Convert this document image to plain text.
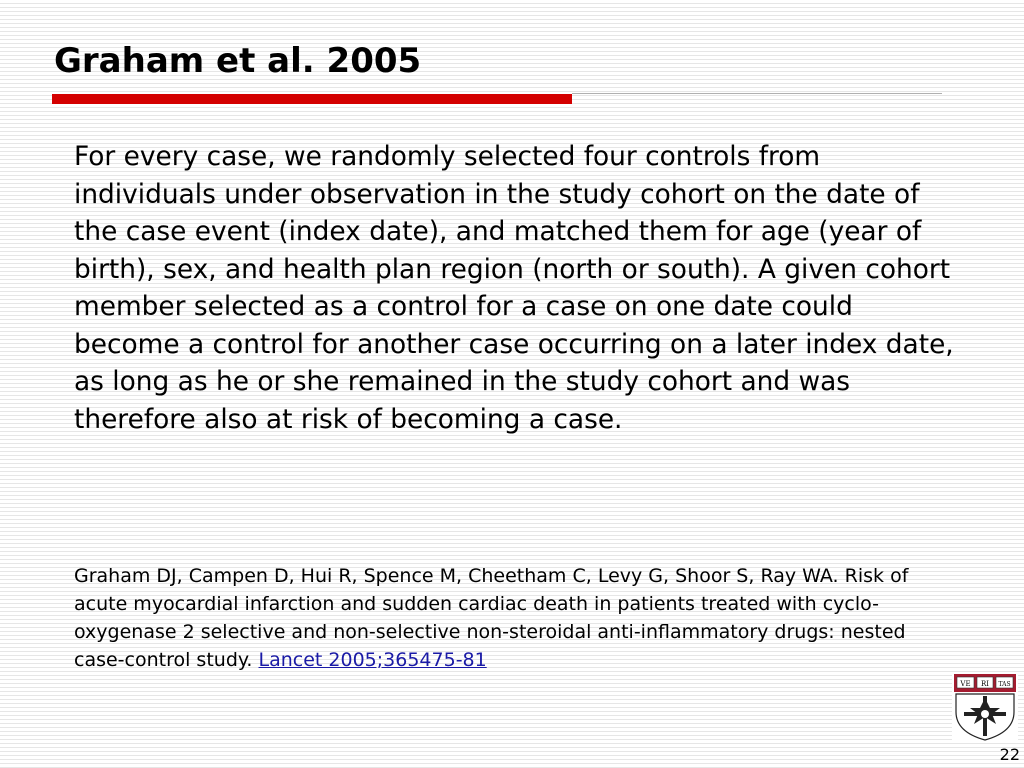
Graham et al. 2005

For every case, we randomly selected four controls from individuals under observation in the study cohort on the date of the case event (index date), and matched them for age (year of birth), sex, and health plan region (north or south). A given cohort member selected as a control for a case on one date could become a control for another case occurring on a later index date, as long as he or she remained in the study cohort and was therefore also at risk of becoming a case.

Graham DJ, Campen D, Hui R, Spence M, Cheetham C, Levy G, Shoor S, Ray WA. Risk of acute myocardial infarction and sudden cardiac death in patients treated with cyclo-oxygenase 2 selective and non-selective non-steroidal anti-inflammatory drugs: nested case-control study. Lancet 2005;365475-81

VE RI TAS
22
